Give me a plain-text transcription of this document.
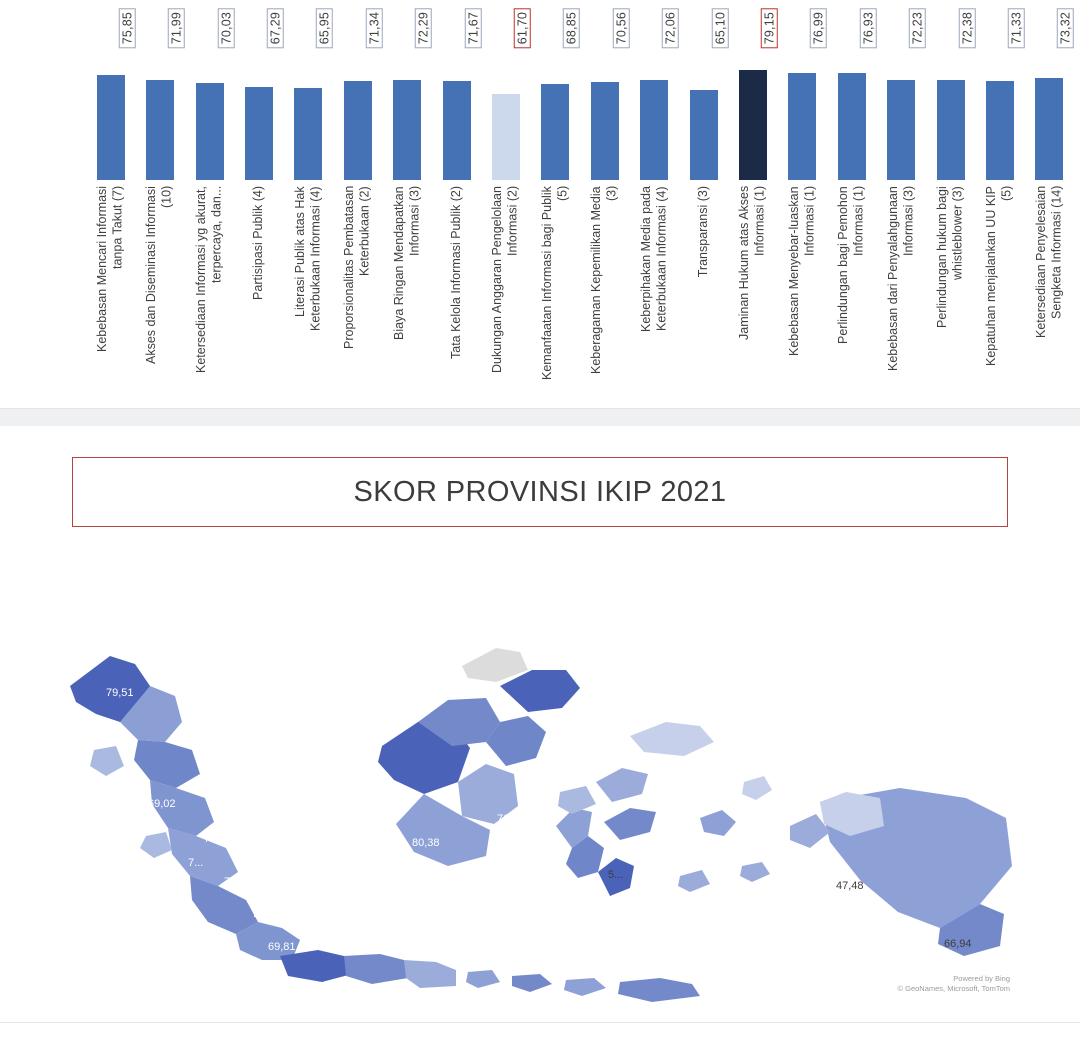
75,85	71,99	70,03	67,29	65,95	71,34	72,29	71,67	61,70	68,85	70,56	72,06	65,10	79,15	76,99	76,93	72,23	72,38	71,33	73,32
Kebebasan Mencari Informasi tanpa Takut (7) Akses dan Diseminasi Informasi (10) Ketersediaan Informasi yg akurat, terpercaya, dan... Partisipasi Publik (4) Literasi Publik atas Hak Keterbukaan Informasi (4) Proporsionalitas Pembatasan Keterbukaan (2) Biaya Ringan Mendapatkan Informasi (3) Tata Kelola Informasi Publik (2) Dukungan Anggaran Pengelolaan Informasi (2) Kemanfaatan Informasi bagi Publik (5) Keberagaman Kepemilikan Media (3) Keberpihakan Media pada Keterbukaan Informasi (4) Transparansi (3) Jaminan Hukum atas Akses Informasi (1) Kebebasan Menyebar-luaskan Informasi (1) Perlindungan bagi Pemohon Informasi (1) Kebebasan dari Penyalahgunaan Informasi (3) Perlindungan hukum bagi whistleblower (3) Kepatuhan menjalankan UU KIP (5) Ketersediaan Penyelesaian Sengketa Informasi (14)
SKOR PROVINSI IKIP 2021
79,51
69,02
73,45
7...
71,87
71,54
69,81
78,56	73,46
66,82
80,38
65,11
76,96
68,32
5...
7...
6...
7...	6...
47,48
66,94
Powered by Bing
© GeoNames, Microsoft, TomTom
